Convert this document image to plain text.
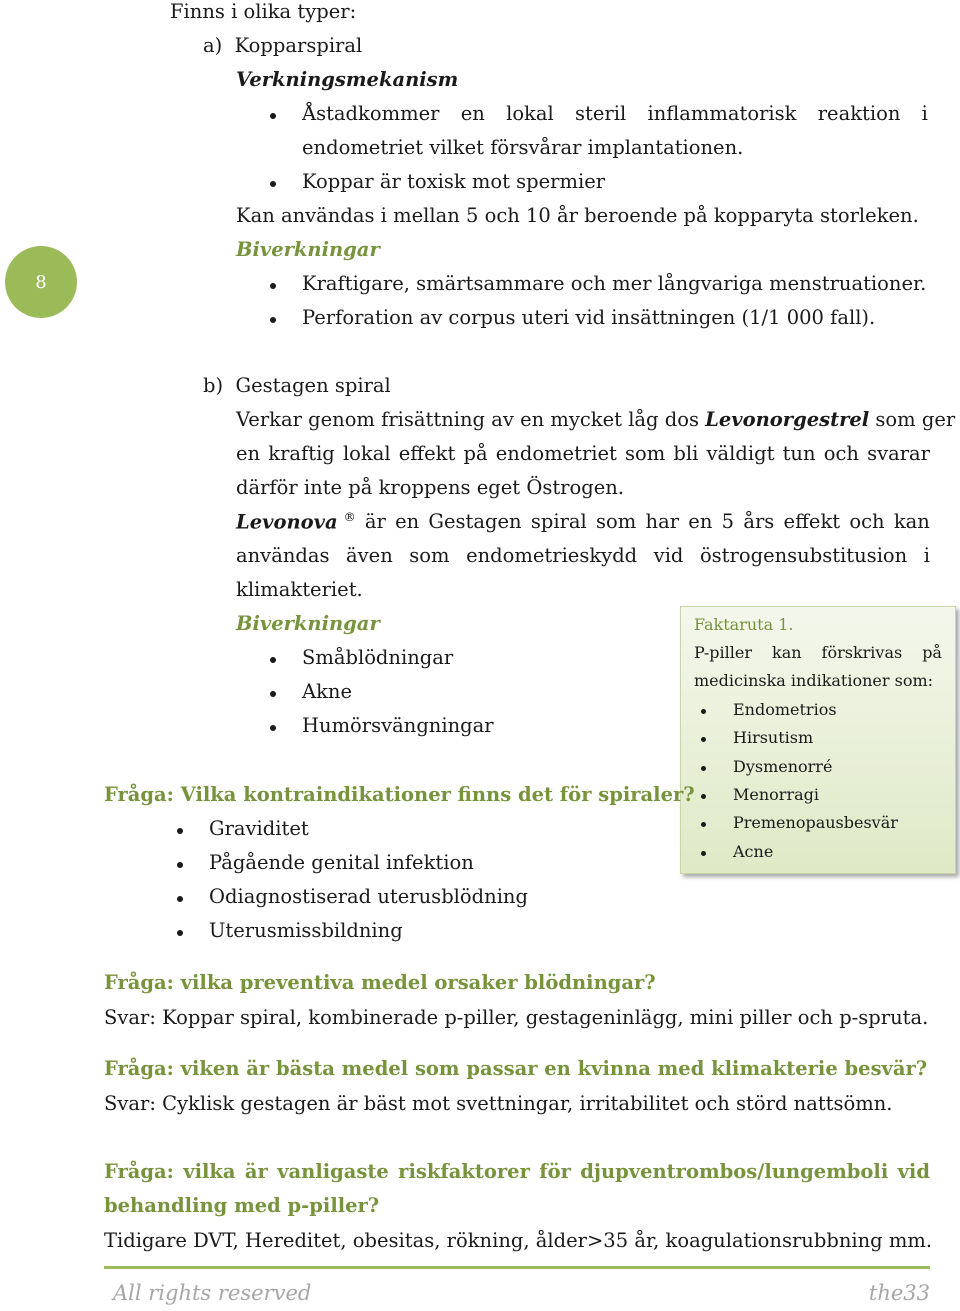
8
Finns i olika typer:
a)  Kopparspiral
Verkningsmekanism
Åstadkommer en lokal steril inflammatorisk reaktion i
endometriet vilket försvårar implantationen.
Koppar är toxisk mot spermier
Kan användas i mellan 5 och 10 år beroende på kopparyta storleken.
Biverkningar
Kraftigare, smärtsammare och mer långvariga menstruationer.
Perforation av corpus uteri vid insättningen (1/1 000 fall).
b)  Gestagen spiral
Verkar genom frisättning av en mycket låg dos Levonorgestrel som ger
en kraftig lokal effekt på endometriet som bli väldigt tun och svarar
därför inte på kroppens eget Östrogen.
Levonova ® är en Gestagen spiral som har en 5 års effekt och kan
användas även som endometrieskydd vid östrogensubstitusion i
klimakteriet.
Biverkningar
Småblödningar
Akne
Humörsvängningar
Faktaruta 1.
P-piller kan förskrivas på
medicinska indikationer som:
Endometrios
Hirsutism
Dysmenorré
Menorragi
Premenopausbesvär
Acne
Fråga: Vilka kontraindikationer finns det för spiraler?
Graviditet
Pågående genital infektion
Odiagnostiserad uterusblödning
Uterusmissbildning
Fråga: vilka preventiva medel orsaker blödningar?
Svar: Koppar spiral, kombinerade p-piller, gestageninlägg, mini piller och p-spruta.
Fråga: viken är bästa medel som passar en kvinna med klimakterie besvär?
Svar: Cyklisk gestagen är bäst mot svettningar, irritabilitet och störd nattsömn.
Fråga: vilka är vanligaste riskfaktorer för djupventrombos/lungemboli vid
behandling med p-piller?
Tidigare DVT, Hereditet, obesitas, rökning, ålder>35 år, koagulationsrubbning mm.
All rights reserved	the33
